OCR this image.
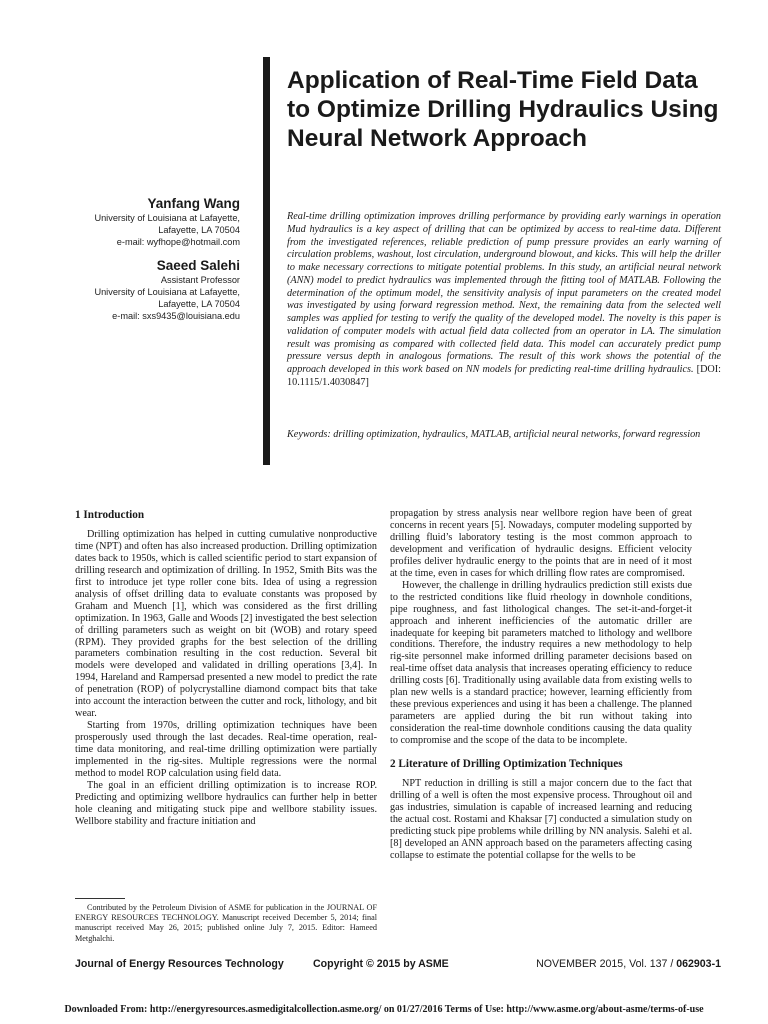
Yanfang Wang
University of Louisiana at Lafayette,
Lafayette, LA 70504
e-mail: wyfhope@hotmail.com
Saeed Salehi
Assistant Professor
University of Louisiana at Lafayette,
Lafayette, LA 70504
e-mail: sxs9435@louisiana.edu
Application of Real-Time Field Data to Optimize Drilling Hydraulics Using Neural Network Approach
Real-time drilling optimization improves drilling performance by providing early warnings in operation Mud hydraulics is a key aspect of drilling that can be optimized by access to real-time data. Different from the investigated references, reliable prediction of pump pressure provides an early warning of circulation problems, washout, lost circulation, underground blowout, and kicks. This will help the driller to make necessary corrections to mitigate potential problems. In this study, an artificial neural network (ANN) model to predict hydraulics was implemented through the fitting tool of MATLAB. Following the determination of the optimum model, the sensitivity analysis of input parameters on the created model was investigated by using forward regression method. Next, the remaining data from the selected well samples was applied for testing to verify the quality of the developed model. The novelty is this paper is validation of computer models with actual field data collected from an operator in LA. The simulation result was promising as compared with collected field data. This model can accurately predict pump pressure versus depth in analogous formations. The result of this work shows the potential of the approach developed in this work based on NN models for predicting real-time drilling hydraulics. [DOI: 10.1115/1.4030847]
Keywords: drilling optimization, hydraulics, MATLAB, artificial neural networks, forward regression
1 Introduction

Drilling optimization has helped in cutting cumulative nonproductive time (NPT) and often has also increased production. Drilling optimization dates back to 1950s, which is called scientific period to start expansion of drilling research and optimization of drilling. In 1952, Smith Bits was the first to introduce jet type roller cone bits. Idea of using a regression analysis of offset drilling data to evaluate constants was proposed by Graham and Muench [1], which was considered as the first drilling optimization. In 1963, Galle and Woods [2] investigated the best selection of drilling parameters such as weight on bit (WOB) and rotary speed (RPM). They provided graphs for the best selection of the drilling parameters combination resulting in the cost reduction. Several bit models were developed and validated in drilling operations [3,4]. In 1994, Hareland and Rampersad presented a new model to predict the rate of penetration (ROP) of polycrystalline diamond compact bits that take into account the interaction between the cutter and rock, lithology, and bit wear.

Starting from 1970s, drilling optimization techniques have been prosperously used through the last decades. Real-time operation, real-time data monitoring, and real-time drilling optimization were partially implemented in the rig-sites. Multiple regressions were the normal method to model ROP calculation using field data.

The goal in an efficient drilling optimization is to increase ROP. Predicting and optimizing wellbore hydraulics can further help in better hole cleaning and mitigating stuck pipe and wellbore stability issues. Wellbore stability and fracture initiation and

propagation by stress analysis near wellbore region have been of great concerns in recent years [5]. Nowadays, computer modeling supported by drilling fluid’s laboratory testing is the most common approach to development and verification of hydraulic designs. Efficient velocity profiles deliver hydraulic energy to the points that are in need of it most at the time, even in cases for which drilling flow rates are compromised.

However, the challenge in drilling hydraulics prediction still exists due to the restricted conditions like fluid rheology in downhole conditions, pipe roughness, and fast lithological changes. The set-it-and-forget-it approach and inherent inefficiencies of the automatic driller are inadequate for keeping bit parameters matched to lithology and wellbore conditions. Therefore, the industry requires a new methodology to help rig-site personnel make informed drilling parameter decisions based on real-time offset data analysis that increases operating efficiency to reduce drilling costs [6]. Traditionally using available data from existing wells to plan new wells is a standard practice; however, learning efficiently from these previous experiences and using it has been a challenge. The planned parameters are applied during the bit run without taking into consideration the real-time downhole conditions causing the data quality to compromise and the scope of the data to be incomplete.

2 Literature of Drilling Optimization Techniques

NPT reduction in drilling is still a major concern due to the fact that drilling of a well is often the most expensive process. Throughout oil and gas industries, simulation is capable of increased learning and reducing the actual cost. Rostami and Khaksar [7] conducted a simulation study on predicting stuck pipe problems while drilling by NN analysis. Salehi et al. [8] developed an ANN approach based on the parameters affecting casing collapse to estimate the potential collapse for the wells to be

Contributed by the Petroleum Division of ASME for publication in the JOURNAL OF ENERGY RESOURCES TECHNOLOGY. Manuscript received December 5, 2014; final manuscript received May 26, 2015; published online July 7, 2015. Editor: Hameed Metghalchi.
Journal of Energy Resources Technology	Copyright © 2015 by ASME	NOVEMBER 2015, Vol. 137 / 062903-1
Downloaded From: http://energyresources.asmedigitalcollection.asme.org/ on 01/27/2016 Terms of Use: http://www.asme.org/about-asme/terms-of-use
